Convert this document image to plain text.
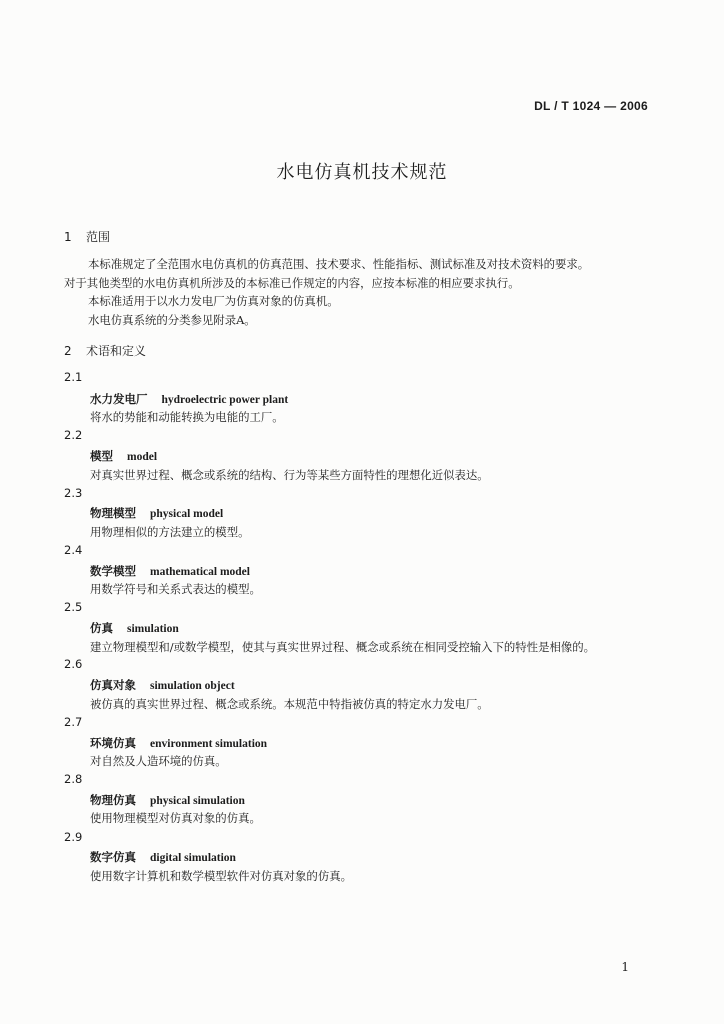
DL / T 1024 — 2006
水电仿真机技术规范
1 范围
本标准规定了全范围水电仿真机的仿真范围、技术要求、性能指标、测试标准及对技术资料的要求。
对于其他类型的水电仿真机所涉及的本标准已作规定的内容，应按本标准的相应要求执行。
本标准适用于以水力发电厂为仿真对象的仿真机。
水电仿真系统的分类参见附录A。
2 术语和定义
2.1
水力发电厂 hydroelectric power plant
将水的势能和动能转换为电能的工厂。
2.2
模型 model
对真实世界过程、概念或系统的结构、行为等某些方面特性的理想化近似表达。
2.3
物理模型 physical model
用物理相似的方法建立的模型。
2.4
数学模型 mathematical model
用数学符号和关系式表达的模型。
2.5
仿真 simulation
建立物理模型和/或数学模型，使其与真实世界过程、概念或系统在相同受控输入下的特性是相像的。
2.6
仿真对象 simulation object
被仿真的真实世界过程、概念或系统。本规范中特指被仿真的特定水力发电厂。
2.7
环境仿真 environment simulation
对自然及人造环境的仿真。
2.8
物理仿真 physical simulation
使用物理模型对仿真对象的仿真。
2.9
数字仿真 digital simulation
使用数字计算机和数学模型软件对仿真对象的仿真。
1
